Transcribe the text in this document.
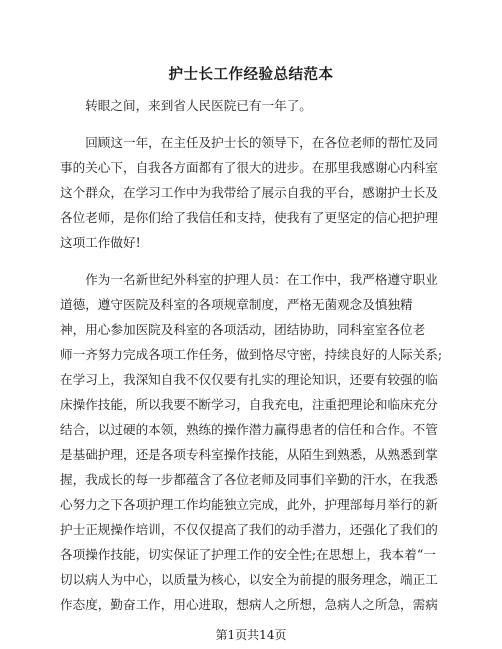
护士长工作经验总结范本
　　转眼之间，来到省人民医院已有一年了。
　　回顾这一年，在主任及护士长的领导下，在各位老师的帮忙及同
事的关心下，自我各方面都有了很大的进步。在那里我感谢心内科室
这个群众，在学习工作中为我带给了展示自我的平台，感谢护士长及
各位老师，是你们给了我信任和支持，使我有了更坚定的信心把护理
这项工作做好!
　　作为一名新世纪外科室的护理人员：在工作中，我严格遵守职业
道德，遵守医院及科室的各项规章制度，严格无菌观念及慎独精
神，用心参加医院及科室的各项活动，团结协助，同科室室各位老
师一齐努力完成各项工作任务，做到恪尽守密，持续良好的人际关系;
在学习上，我深知自我不仅仅要有扎实的理论知识，还要有较强的临
床操作技能，所以我要不断学习，自我充电，注重把理论和临床充分
结合，以过硬的本领，熟练的操作潜力赢得患者的信任和合作。不管
是基础护理，还是各项专科室操作技能，从陌生到熟悉，从熟悉到掌
握，我成长的每一步都蕴含了各位老师及同事们辛勤的汗水，在我悉
心努力之下各项护理工作均能独立完成，此外，护理部每月举行的新
护士正规操作培训，不仅仅提高了我们的动手潜力，还强化了我们的
各项操作技能，切实保证了护理工作的安全性;在思想上，我本着“一
切以病人为中心，以质量为核心，以安全为前提的服务理念，端正工
作态度，勤奋工作，用心进取，想病人之所想，急病人之所急，需病
第1页共14页
